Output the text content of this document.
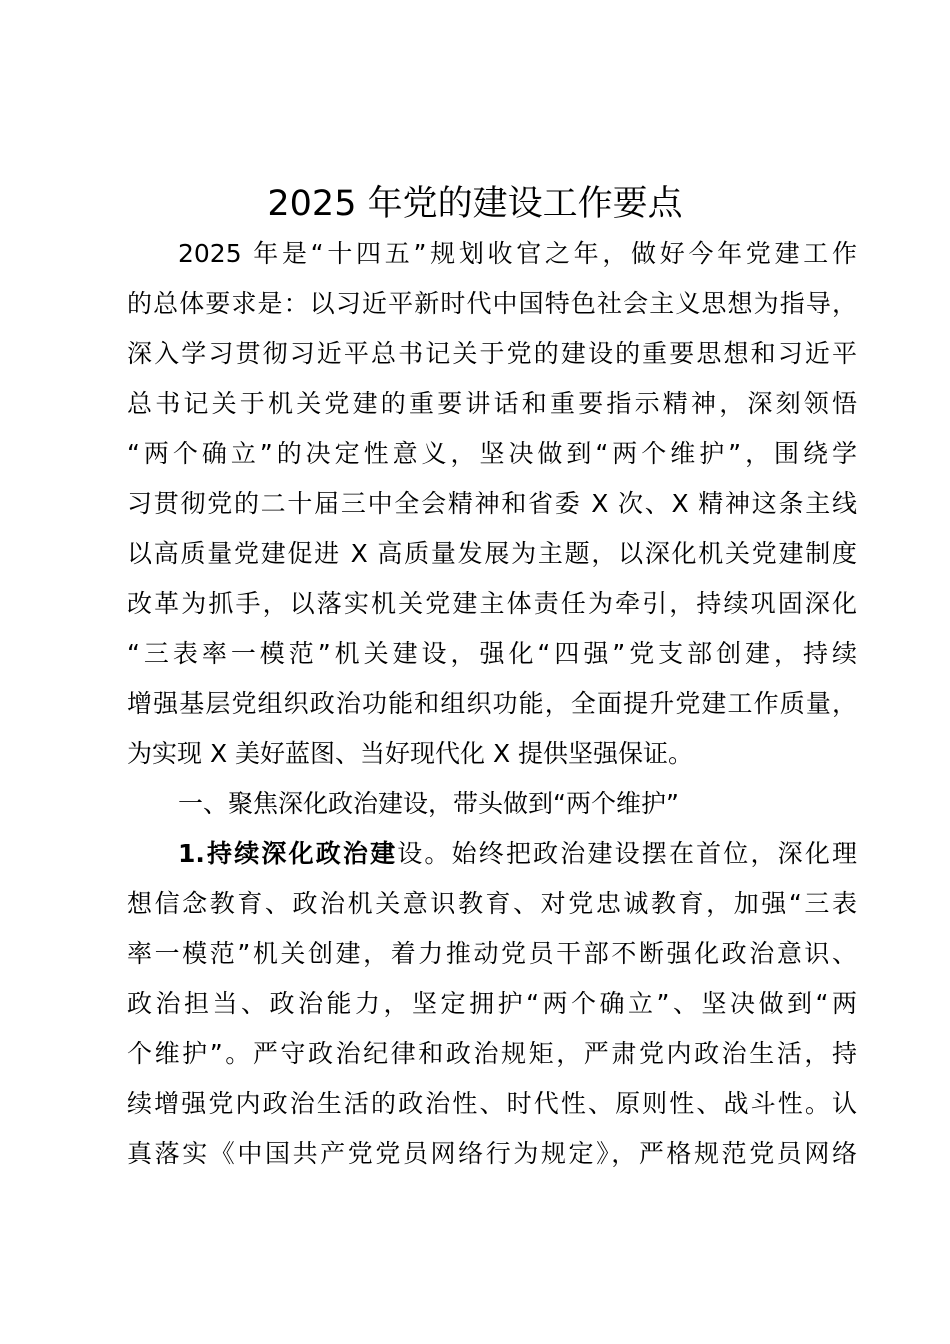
2025 年党的建设工作要点
2025 年是“十四五”规划收官之年，做好今年党建工作
的总体要求是：以习近平新时代中国特色社会主义思想为指导，
深入学习贯彻习近平总书记关于党的建设的重要思想和习近平
总书记关于机关党建的重要讲话和重要指示精神，深刻领悟
“两个确立”的决定性意义，坚决做到“两个维护”，围绕学
习贯彻党的二十届三中全会精神和省委 X 次、X 精神这条主线
以高质量党建促进 X 高质量发展为主题，以深化机关党建制度
改革为抓手，以落实机关党建主体责任为牵引，持续巩固深化
“三表率一模范”机关建设，强化“四强”党支部创建，持续
增强基层党组织政治功能和组织功能，全面提升党建工作质量，
为实现 X 美好蓝图、当好现代化 X 提供坚强保证。
一、聚焦深化政治建设，带头做到“两个维护”
1.持续深化政治建设。始终把政治建设摆在首位，深化理
想信念教育、政治机关意识教育、对党忠诚教育，加强“三表
率一模范”机关创建，着力推动党员干部不断强化政治意识、
政治担当、政治能力，坚定拥护“两个确立”、坚决做到“两
个维护”。严守政治纪律和政治规矩，严肃党内政治生活，持
续增强党内政治生活的政治性、时代性、原则性、战斗性。认
真落实《中国共产党党员网络行为规定》，严格规范党员网络
